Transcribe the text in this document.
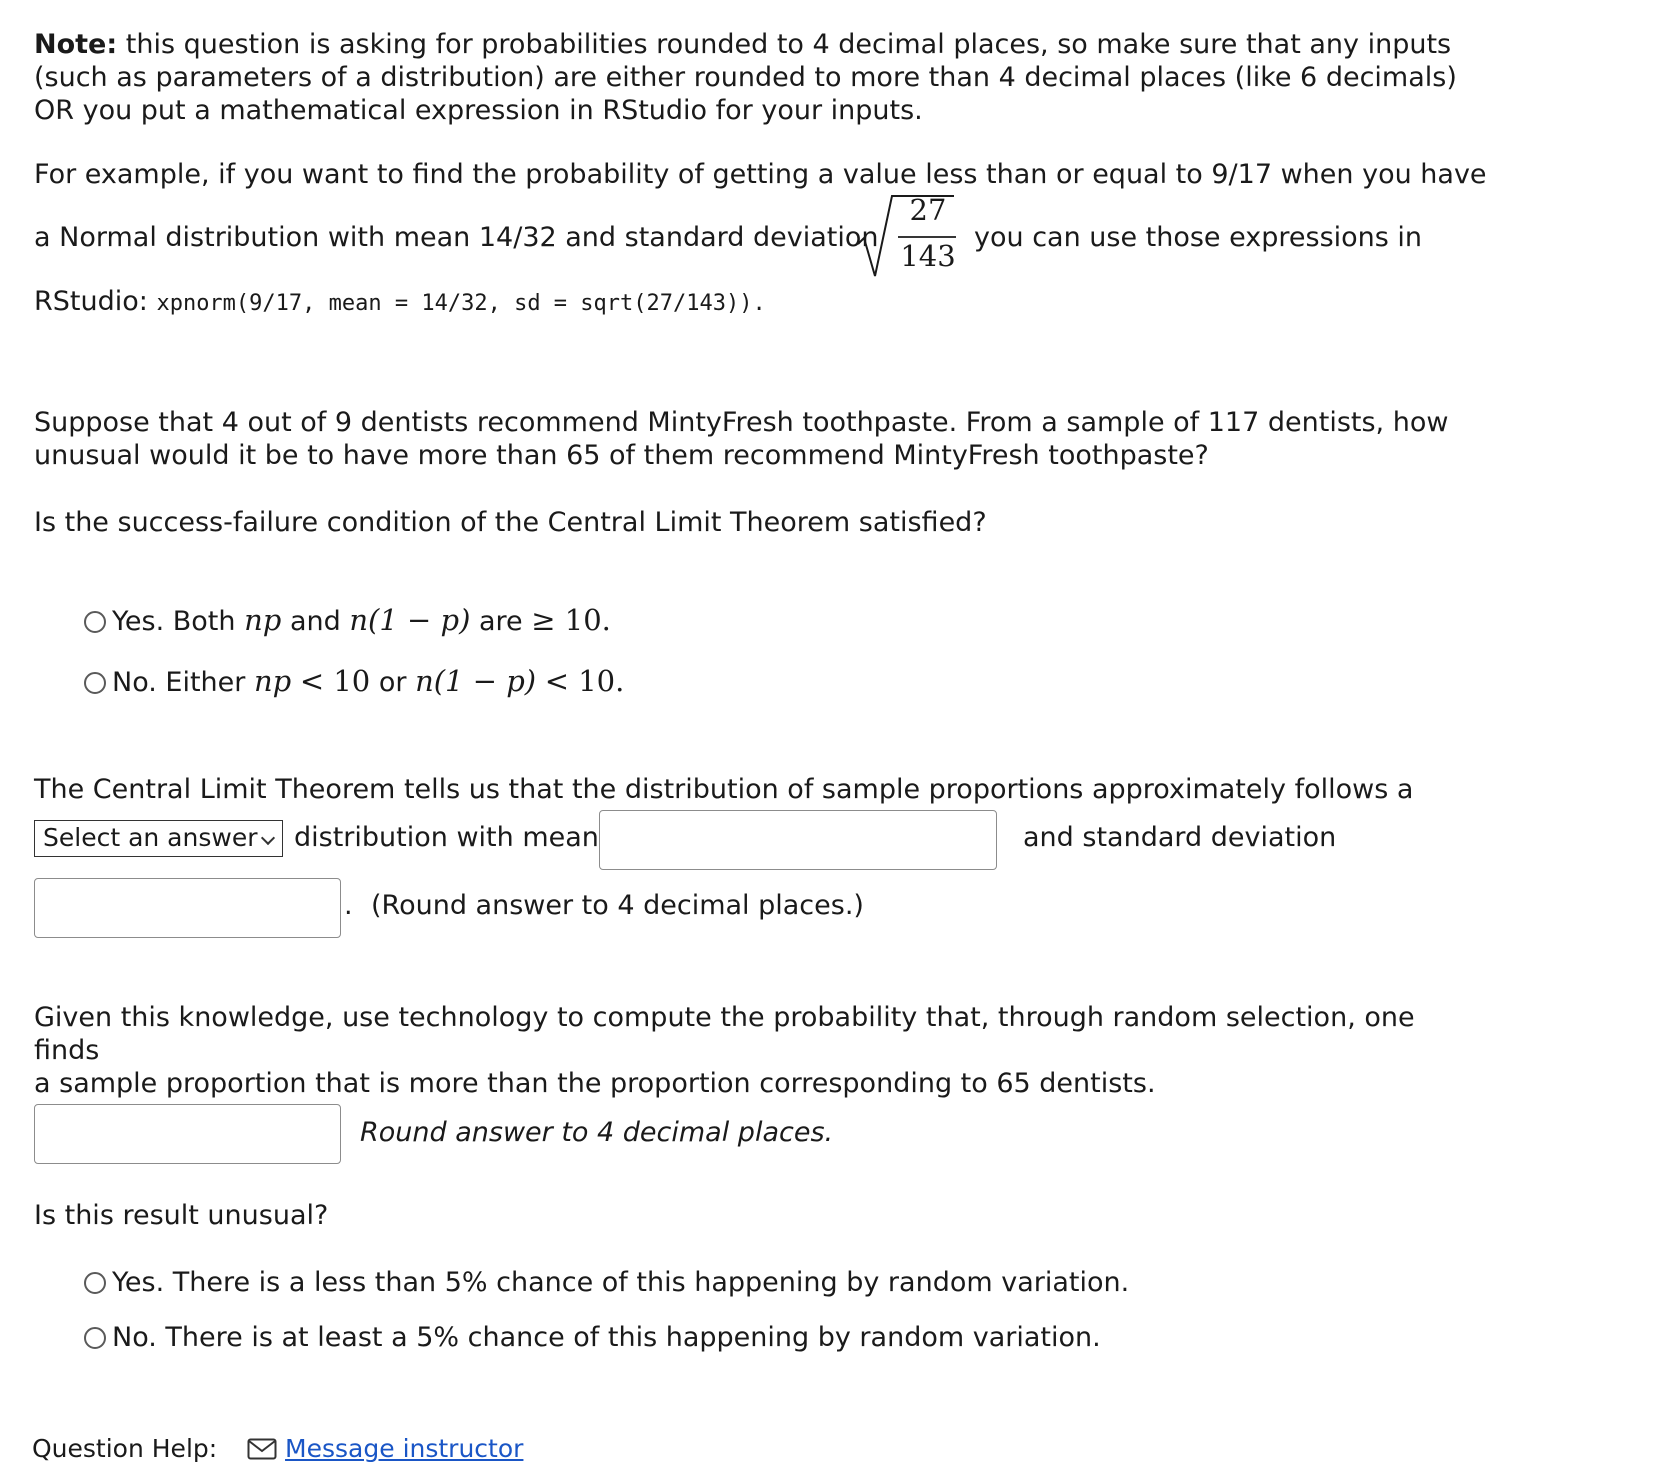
Note: this question is asking for probabilities rounded to 4 decimal places, so make sure that any inputs

(such as parameters of a distribution) are either rounded to more than 4 decimal places (like 6 decimals)

OR you put a mathematical expression in RStudio for your inputs.

For example, if you want to find the probability of getting a value less than or equal to 9/17 when you have
a Normal distribution with mean 14/32 and standard deviation
27
143
you can use those expressions in
RStudio: xpnorm(9/17, mean = 14/32, sd = sqrt(27/143)).

Suppose that 4 out of 9 dentists recommend MintyFresh toothpaste. From a sample of 117 dentists, how

unusual would it be to have more than 65 of them recommend MintyFresh toothpaste?

Is the success-failure condition of the Central Limit Theorem satisfied?
Yes. Both np and n(1 − p) are ≥ 10.
No. Either np < 10 or n(1 − p) < 10.
The Central Limit Theorem tells us that the distribution of sample proportions approximately follows a
Select an answer	distribution with mean	and standard deviation
. (Round answer to 4 decimal places.)

Given this knowledge, use technology to compute the probability that, through random selection, one finds

a sample proportion that is more than the proportion corresponding to 65 dentists.

Round answer to 4 decimal places.
Is this result unusual?
Yes. There is a less than 5% chance of this happening by random variation.
No. There is at least a 5% chance of this happening by random variation.
Question Help:	Message instructor
